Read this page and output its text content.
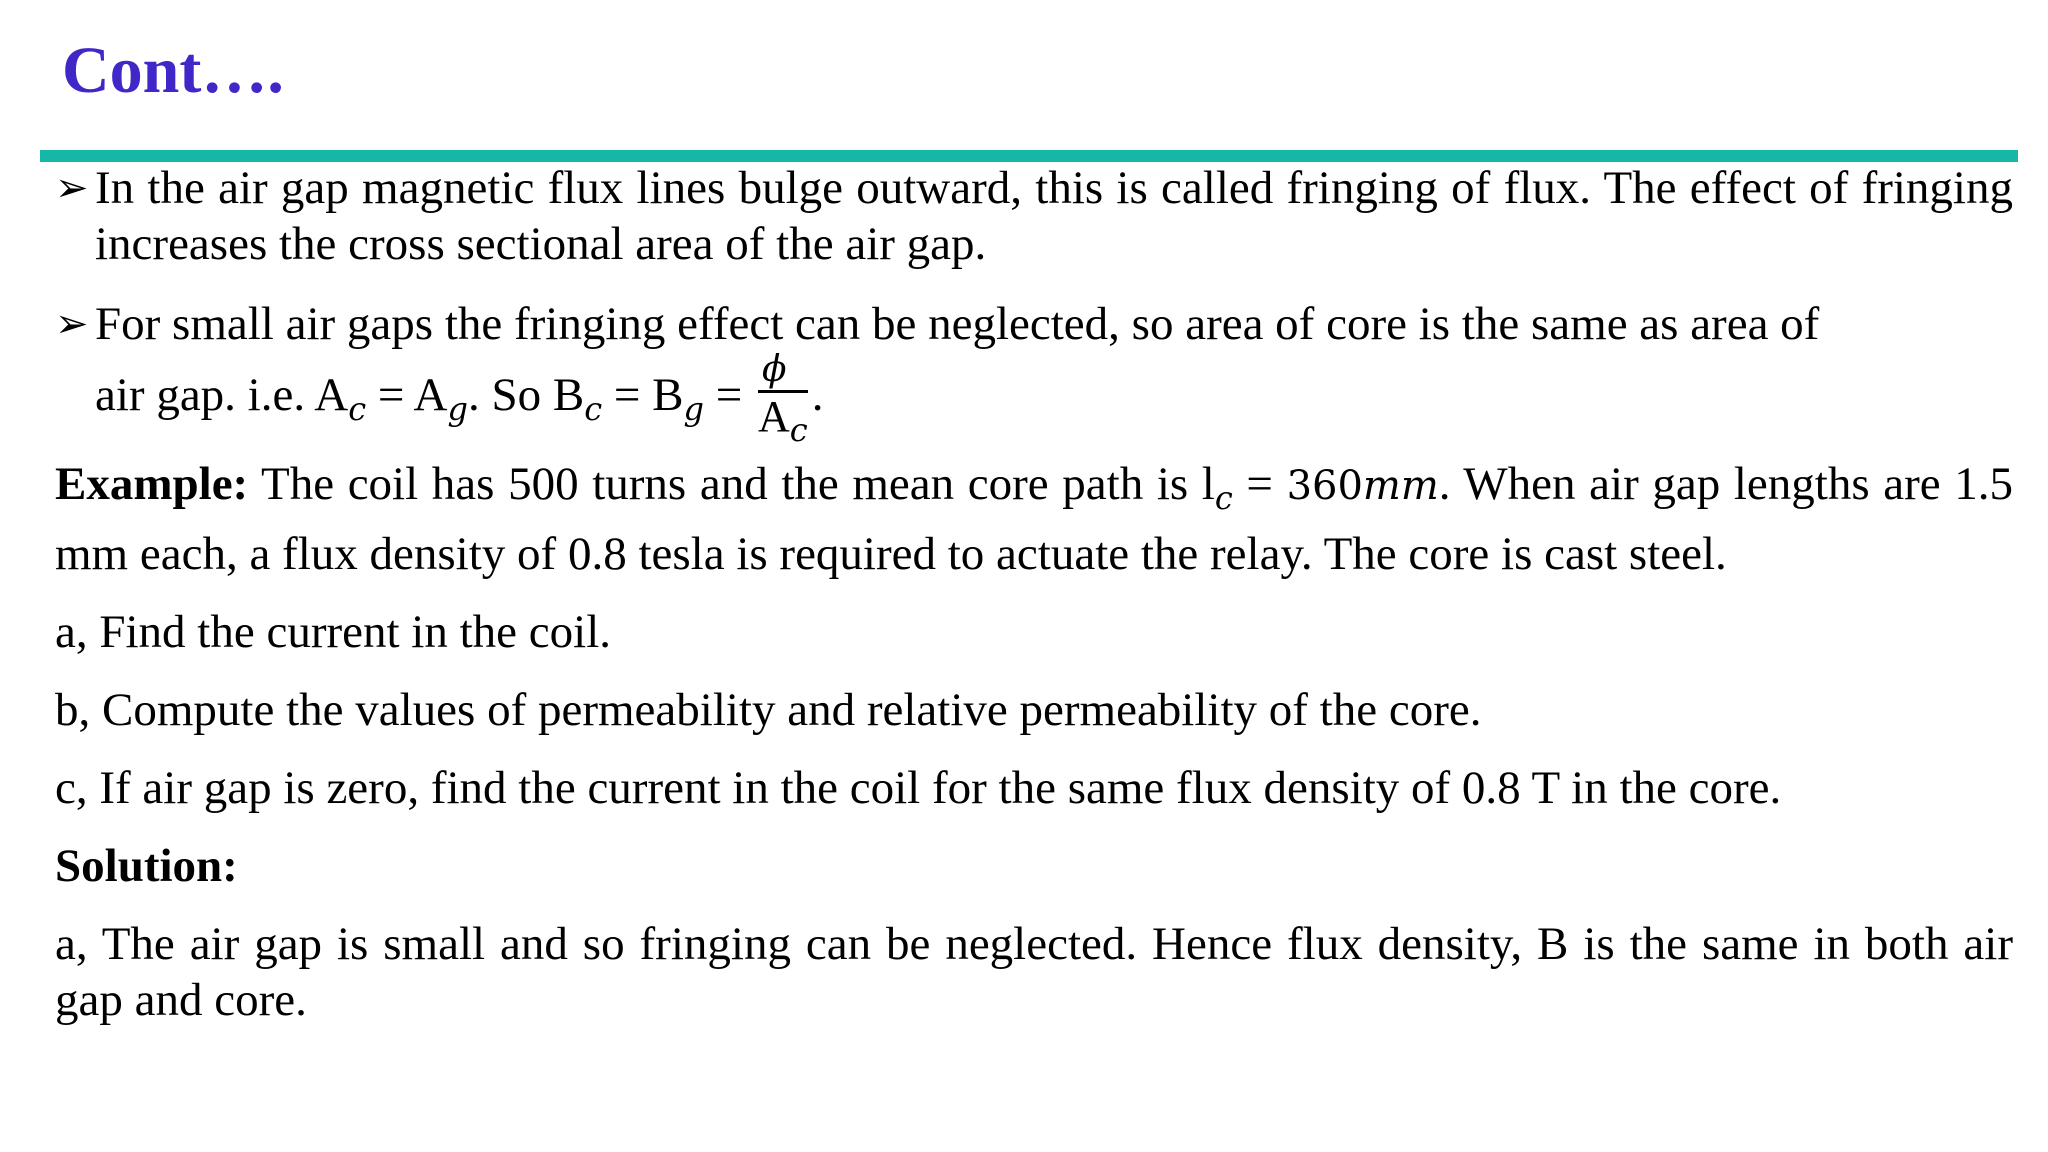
Cont….
➢ In the air gap magnetic flux lines bulge outward, this is called fringing of flux. The effect of fringing increases the cross sectional area of the air gap.
➢ For small air gaps the fringing effect can be neglected, so area of core is the same as area of
air gap. i.e. $A_c = A_g$. So $B_c = B_g = \frac{\phi}{A_c}$ .
Example: The coil has 500 turns and the mean core path is $l_c = 360mm$. When air gap lengths are 1.5 mm each, a flux density of 0.8 tesla is required to actuate the relay. The core is cast steel.
a, Find the current in the coil.
b, Compute the values of permeability and relative permeability of the core.
c, If air gap is zero, find the current in the coil for the same flux density of 0.8 T in the core.
Solution:
a, The air gap is small and so fringing can be neglected. Hence flux density, B is the same in both air gap and core.
